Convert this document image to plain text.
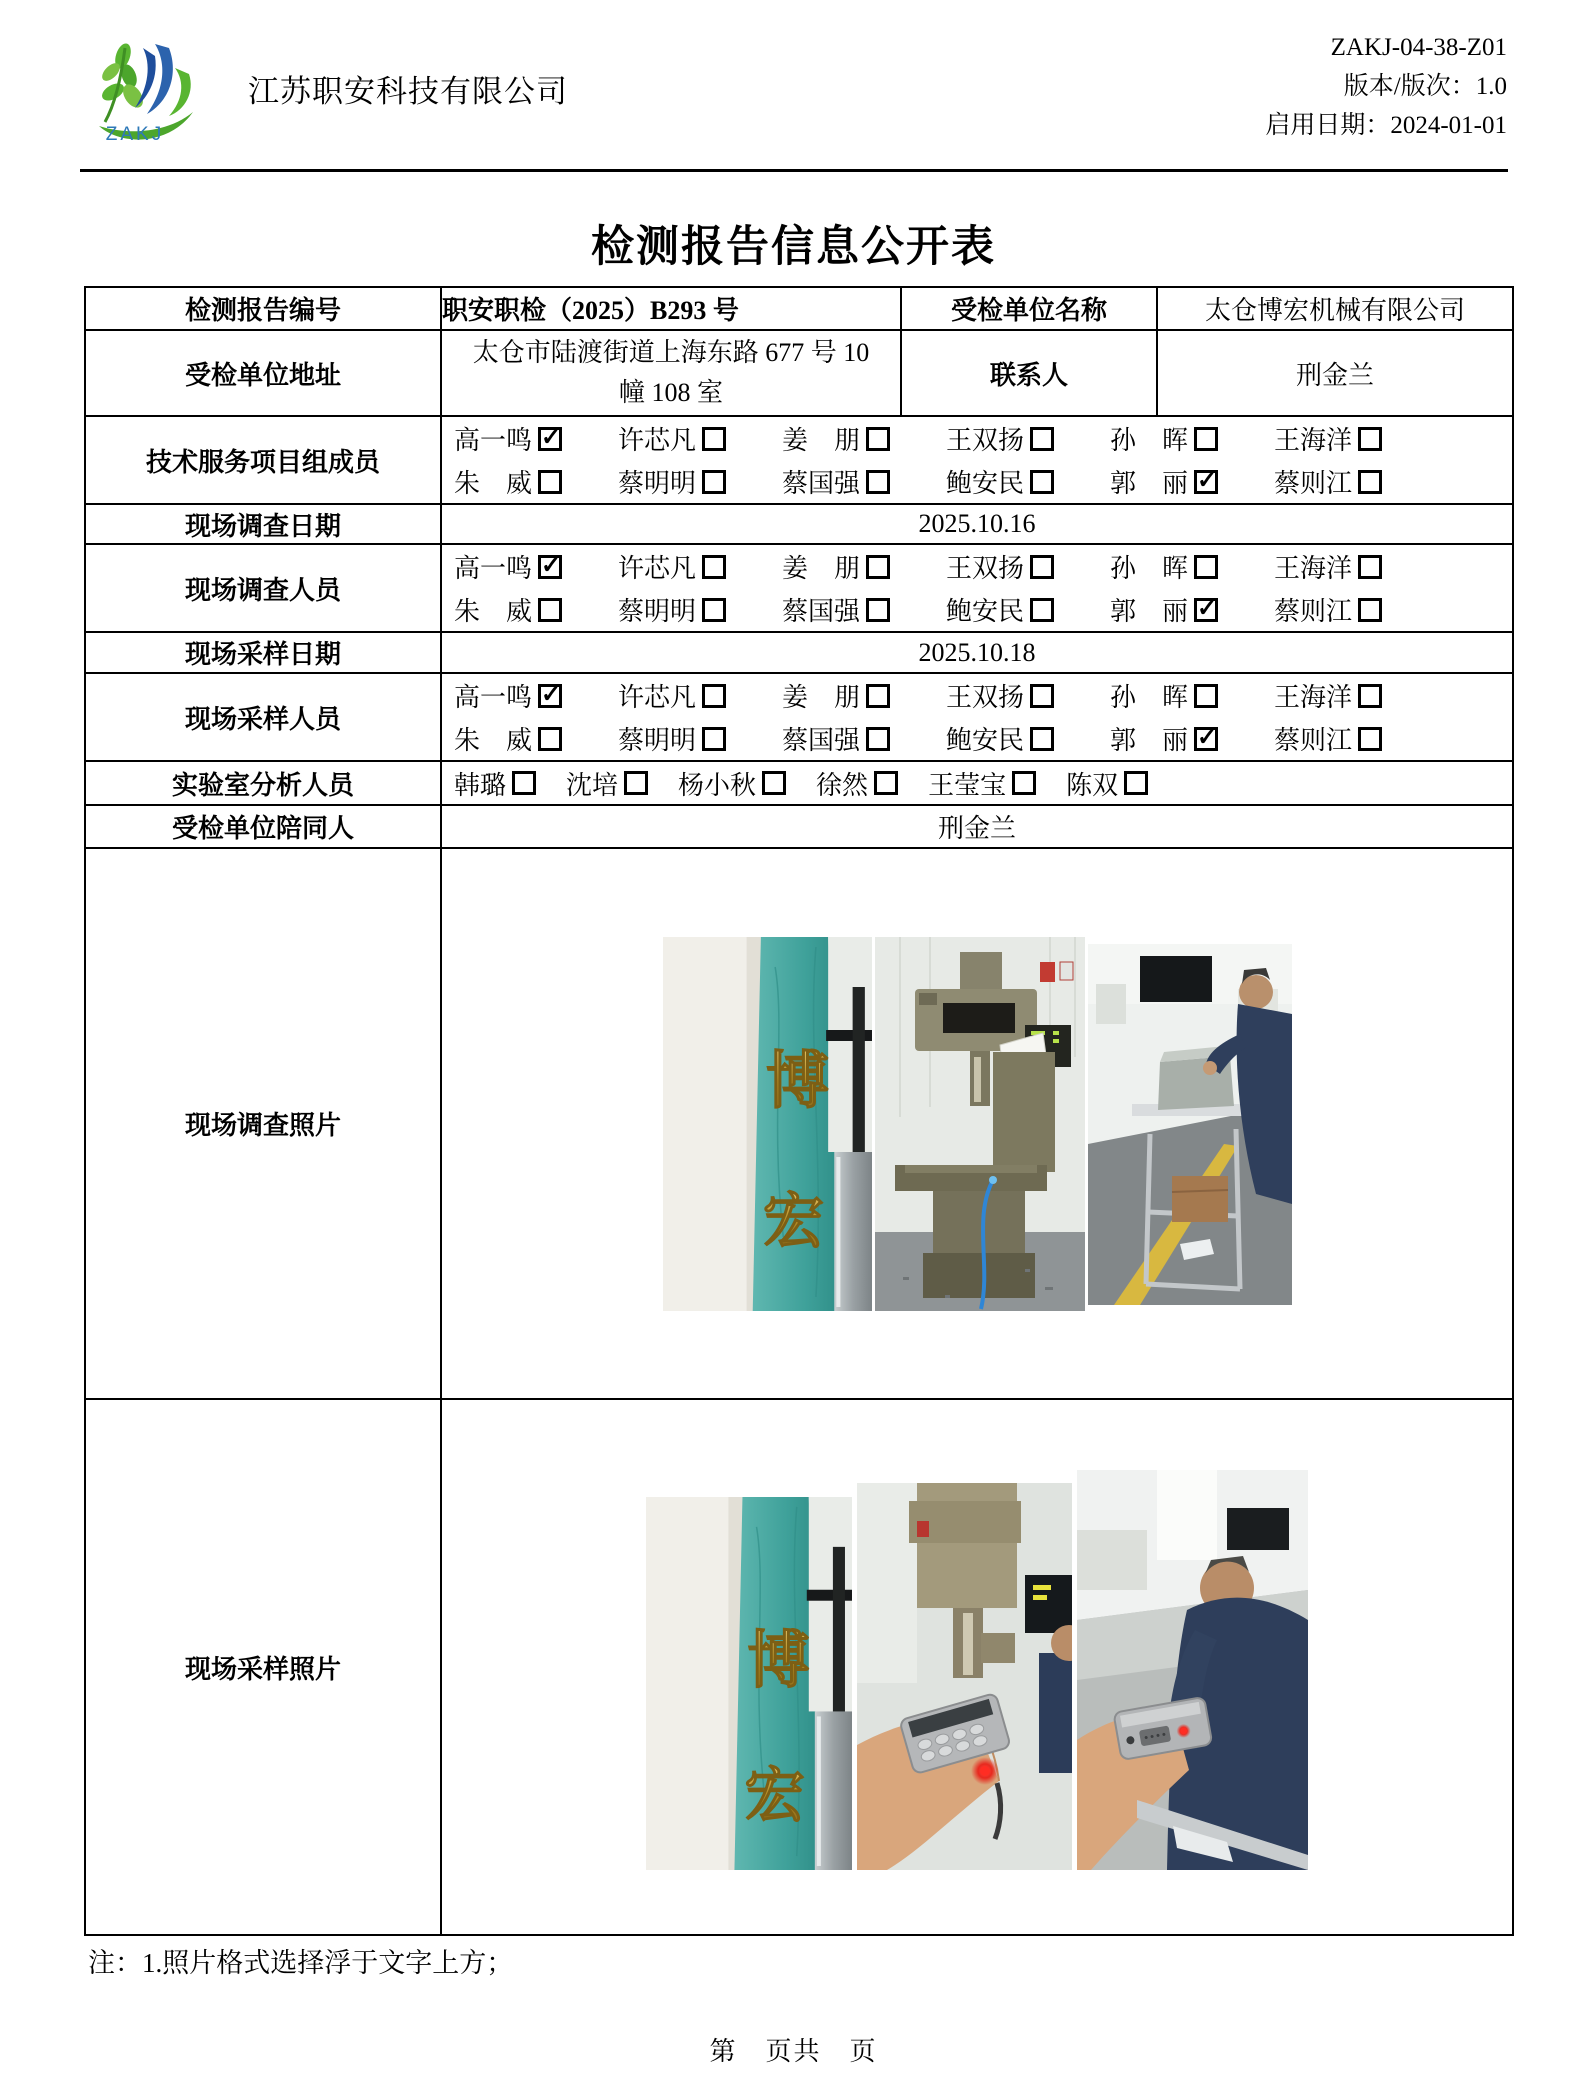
ZAKJ
江苏职安科技有限公司
ZAKJ-04-38-Z01
版本/版次：1.0
启用日期：2024-01-01
检测报告信息公开表
检测报告编号	职安职检（2025）B293 号	受检单位名称	太仓博宏机械有限公司
受检单位地址	太仓市陆渡街道上海东路 677 号 10
幢 108 室	联系人	刑金兰
技术服务项目组成员	
高一鸣 ✓ 许芯凡	姜 朋	王双扬	孙 晖	王海洋
朱 威	蔡明明	蔡国强	鲍安民	郭 丽 ✓ 蔡则江

现场调查日期	2025.10.16		
现场调查人员	
高一鸣 ✓ 许芯凡	姜 朋	王双扬	孙 晖	王海洋
朱 威	蔡明明	蔡国强	鲍安民	郭 丽 ✓ 蔡则江

现场采样日期	2025.10.18		
现场采样人员	
高一鸣 ✓ 许芯凡	姜 朋	王双扬	孙 晖	王海洋
朱 威	蔡明明	蔡国强	鲍安民	郭 丽 ✓ 蔡则江

实验室分析人员	韩璐 沈培 杨小秋 徐然 王莹宝 陈双

受检单位陪同人	刑金兰		
现场调查照片	博
宏		

现场采样照片	博
宏		
注：1.照片格式选择浮于文字上方；
第　页共　页
